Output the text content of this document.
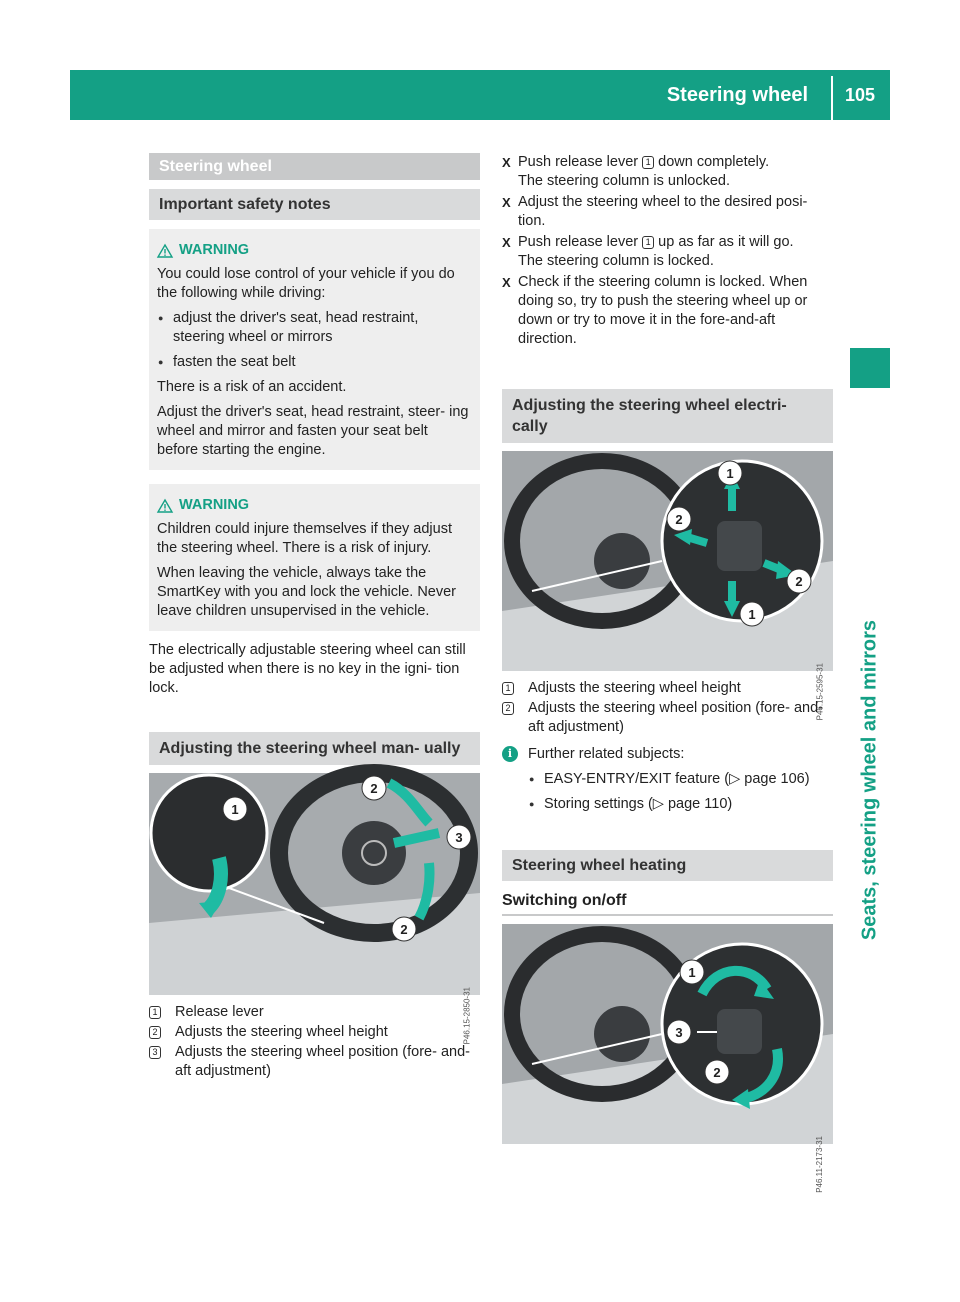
Steering wheel	105
Seats, steering wheel and mirrors
Steering wheel
Important safety notes
WARNING

You could lose control of your vehicle if you do the following while driving:

● adjust the driver's seat, head restraint, steering wheel or mirrors
● fasten the seat belt

There is a risk of an accident.

Adjust the driver's seat, head restraint, steer- ing wheel and mirror and fasten your seat belt before starting the engine.

WARNING

Children could injure themselves if they adjust the steering wheel. There is a risk of injury.

When leaving the vehicle, always take the SmartKey with you and lock the vehicle. Never leave children unsupervised in the vehicle.

The electrically adjustable steering wheel can still be adjusted when there is no key in the igni- tion lock.

Adjusting the steering wheel man- ually
1
2
3
2
P46.15-2850-31
1 Release lever
2 Adjusts the steering wheel height
3 Adjusts the steering wheel position (fore- and-aft adjustment)
X Push release lever 1 down completely.
The steering column is unlocked.
X Adjust the steering wheel to the desired posi- tion.
X Push release lever 1 up as far as it will go.
The steering column is locked.
X Check if the steering column is locked. When doing so, try to push the steering wheel up or down or try to move it in the fore-and-aft direction.
Adjusting the steering wheel electri- cally
1
2
2
1
P46.15-2595-31
1 Adjusts the steering wheel height
2 Adjusts the steering wheel position (fore- and-aft adjustment)
i	Further related subjects:
● EASY-ENTRY/EXIT feature (▷ page 106)
● Storing settings (▷ page 110)
Steering wheel heating
Switching on/off
1
3
2
P46.11-2173-31
